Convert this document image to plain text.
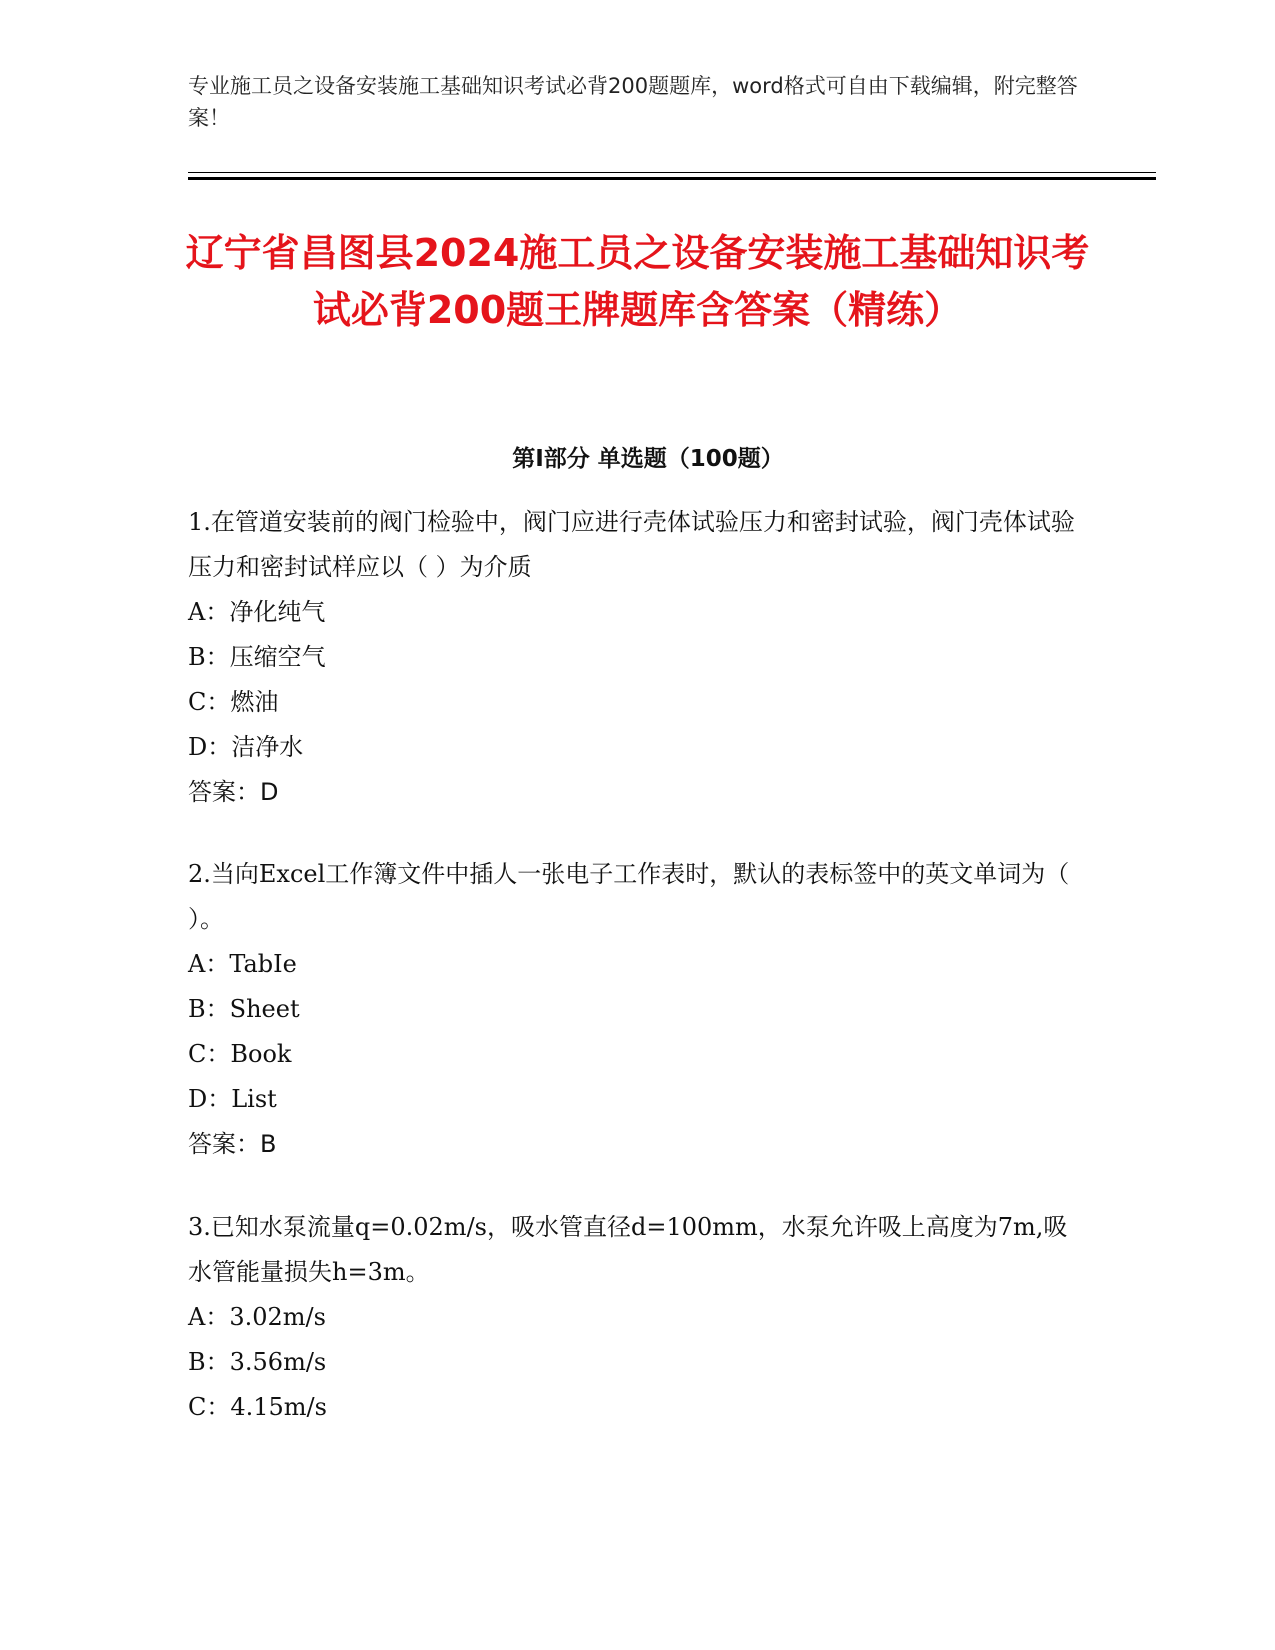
专业施工员之设备安装施工基础知识考试必背200题题库，word格式可自由下载编辑，附完整答案！
辽宁省昌图县2024施工员之设备安装施工基础知识考试必背200题王牌题库含答案（精练）
第Ⅰ部分 单选题（100题）

1.在管道安装前的阀门检验中，阀门应进行壳体试验压力和密封试验，阀门壳体试验压力和密封试样应以（ ）为介质

A：净化纯气

B：压缩空气

C：燃油

D：洁净水

答案：D

2.当向Excel工作簿文件中插人一张电子工作表时，默认的表标签中的英文单词为（ ）。

A：TabIe

B：Sheet

C：Book

D：List

答案：B

3.已知水泵流量q=0.02m/s，吸水管直径d=100mm，水泵允许吸上高度为7m,吸水管能量损失h=3m。

A：3.02m/s

B：3.56m/s

C：4.15m/s
